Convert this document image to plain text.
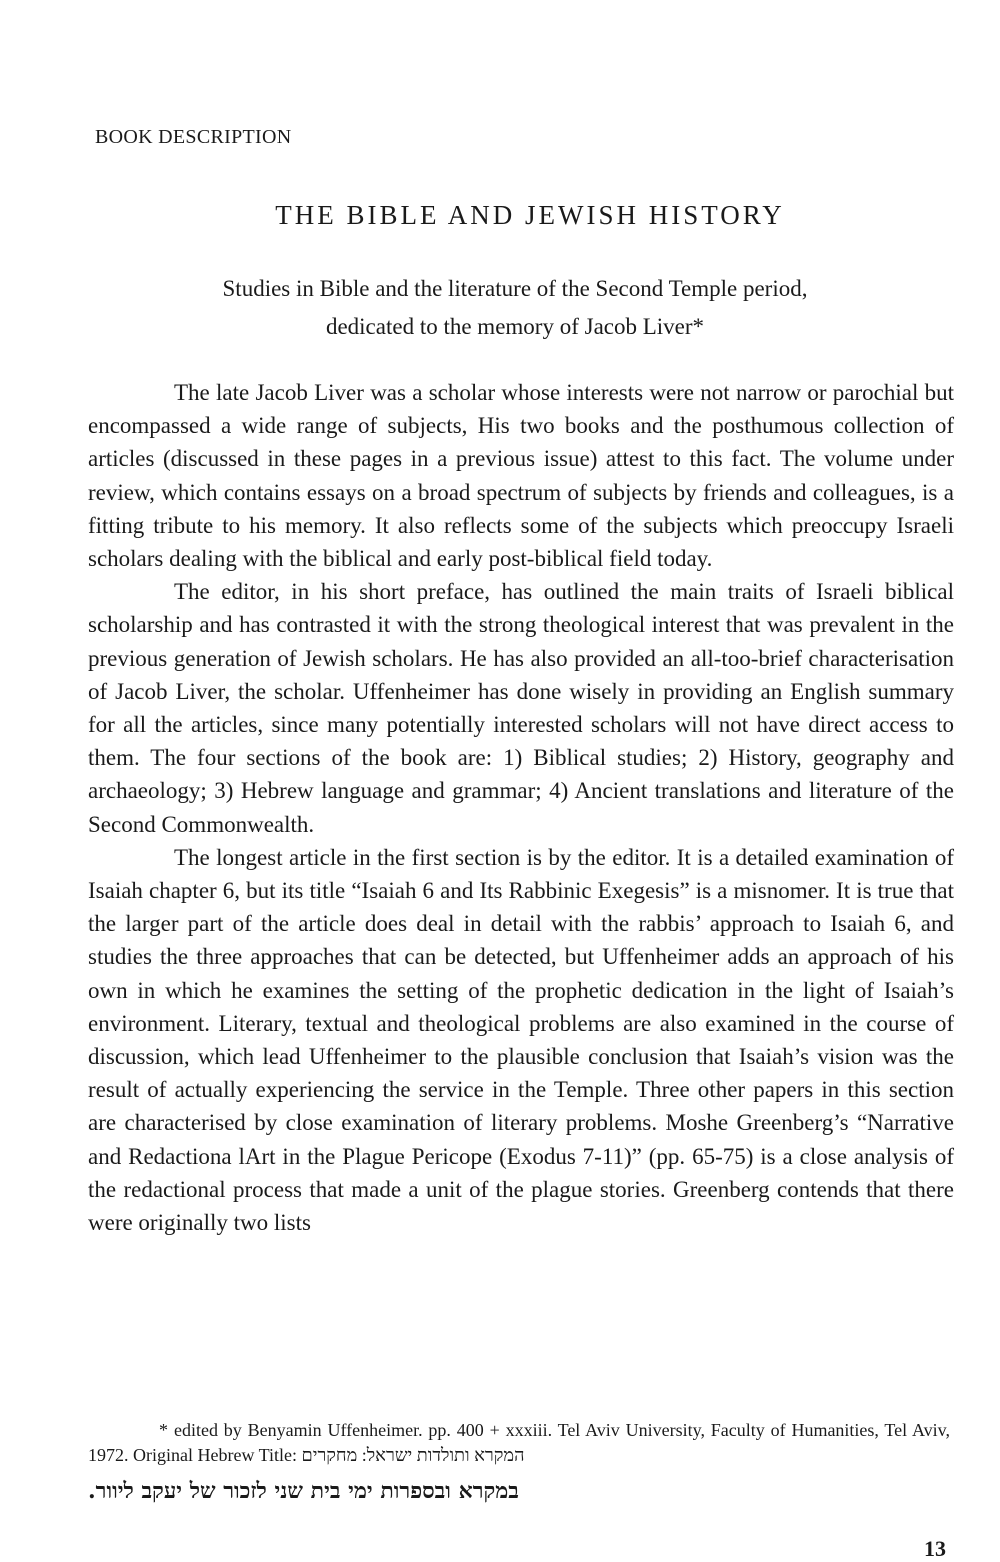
BOOK DESCRIPTION
THE BIBLE AND JEWISH HISTORY
Studies in Bible and the literature of the Second Temple period,
dedicated to the memory of Jacob Liver*

The late Jacob Liver was a scholar whose interests were not narrow or parochial but encompassed a wide range of subjects, His two books and the posthumous collection of articles (discussed in these pages in a previous issue) attest to this fact. The volume under review, which contains essays on a broad spectrum of subjects by friends and colleagues, is a fitting tribute to his memory. It also reflects some of the subjects which preoccupy Israeli scholars dealing with the biblical and early post-biblical field today.

The editor, in his short preface, has outlined the main traits of Israeli biblical scholarship and has contrasted it with the strong theological interest that was prevalent in the previous generation of Jewish scholars. He has also provided an all-too-brief characterisation of Jacob Liver, the scholar. Uffenheimer has done wisely in providing an English summary for all the articles, since many potentially interested scholars will not have direct access to them. The four sections of the book are: 1) Biblical studies; 2) History, geography and archaeology; 3) Hebrew language and grammar; 4) Ancient translations and literature of the Second Commonwealth.

The longest article in the first section is by the editor. It is a detailed examination of Isaiah chapter 6, but its title “Isaiah 6 and Its Rabbinic Exegesis” is a misnomer. It is true that the larger part of the article does deal in detail with the rabbis’ approach to Isaiah 6, and studies the three approaches that can be detected, but Uffenheimer adds an approach of his own in which he examines the setting of the prophetic dedication in the light of Isaiah’s environment. Literary, textual and theological problems are also examined in the course of discussion, which lead Uffenheimer to the plausible conclusion that Isaiah’s vision was the result of actually experiencing the service in the Temple. Three other papers in this section are characterised by close examination of literary problems. Moshe Greenberg’s “Narrative and Redactiona lArt in the Plague Pericope (Exodus 7-11)” (pp. 65-75) is a close analysis of the redactional process that made a unit of the plague stories. Greenberg contends that there were originally two lists

* edited by Benyamin Uffenheimer. pp. 400 + xxxiii. Tel Aviv University, Faculty of Humanities, Tel Aviv, 1972. Original Hebrew Title: המקרא ותולדות ישראל: מחקרים
במקרא ובספרות ימי בית שני לזכור של יעקב ליוור.
13
